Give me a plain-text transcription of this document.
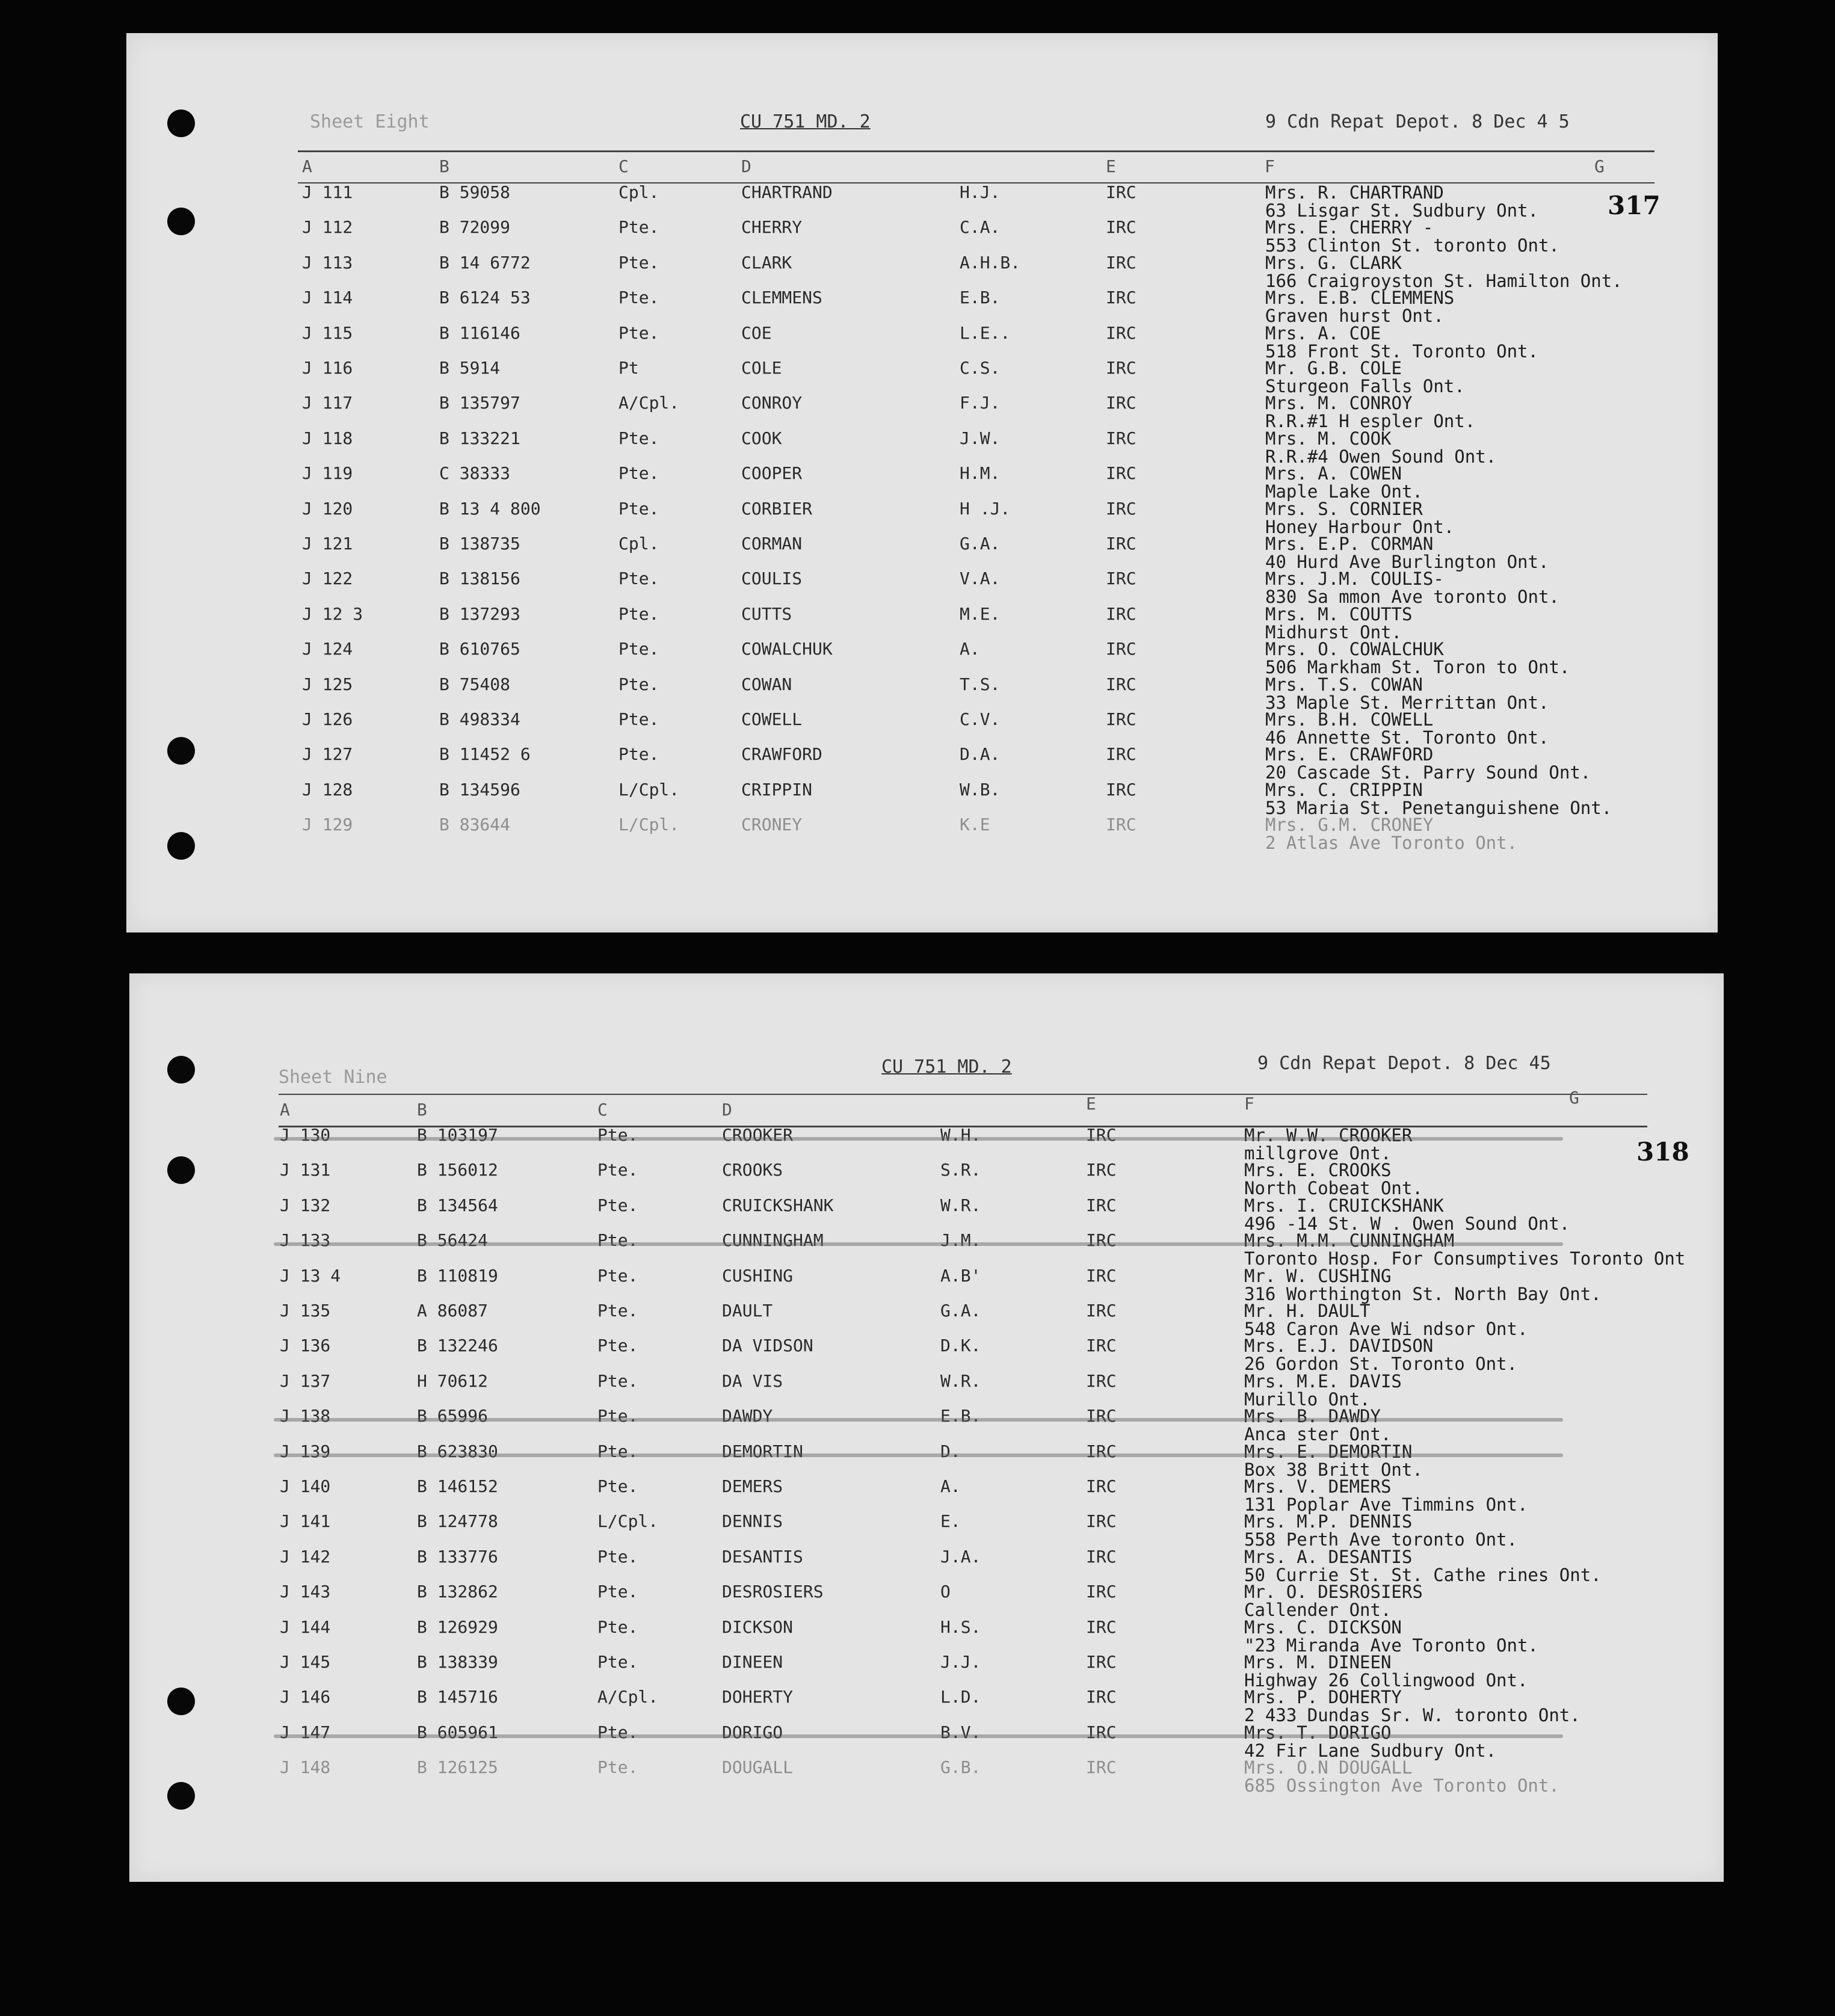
Sheet Eight	CU 751 MD. 2	9 Cdn Repat Depot. 8 Dec 4 5
A	B	C	D	E	F	G
317
J 111	B 59058	Cpl.	CHARTRAND	H.J.	IRC	Mrs. R. CHARTRAND
63 Lisgar St. Sudbury Ont.
J 112	B 72099	Pte.	CHERRY	C.A.	IRC	Mrs. E. CHERRY -
553 Clinton St. toronto Ont.
J 113	B 14 6772	Pte.	CLARK	A.H.B.	IRC	Mrs. G. CLARK
166 Craigroyston St. Hamilton Ont.
J 114	B 6124 53	Pte.	CLEMMENS	E.B.	IRC	Mrs. E.B. CLEMMENS
Graven hurst Ont.
J 115	B 116146	Pte.	COE	L.E..	IRC	Mrs. A. COE
518 Front St. Toronto Ont.
J 116	B 5914	Pt	COLE	C.S.	IRC	Mr. G.B. COLE
Sturgeon Falls Ont.
J 117	B 135797	A/Cpl.	CONROY	F.J.	IRC	Mrs. M. CONROY
R.R.#1 H espler Ont.
J 118	B 133221	Pte.	COOK	J.W.	IRC	Mrs. M. COOK
R.R.#4 Owen Sound Ont.
J 119	C 38333	Pte.	COOPER	H.M.	IRC	Mrs. A. COWEN
Maple Lake Ont.
J 120	B 13 4 800	Pte.	CORBIER	H .J.	IRC	Mrs. S. CORNIER
Honey Harbour Ont.
J 121	B 138735	Cpl.	CORMAN	G.A.	IRC	Mrs. E.P. CORMAN
40 Hurd Ave Burlington Ont.
J 122	B 138156	Pte.	COULIS	V.A.	IRC	Mrs. J.M. COULIS-
830 Sa mmon Ave toronto Ont.
J 12 3	B 137293	Pte.	CUTTS	M.E.	IRC	Mrs. M. COUTTS
Midhurst Ont.
J 124	B 610765	Pte.	COWALCHUK	A.	IRC	Mrs. O. COWALCHUK
506 Markham St. Toron to Ont.
J 125	B 75408	Pte.	COWAN	T.S.	IRC	Mrs. T.S. COWAN
33 Maple St. Merrittan Ont.
J 126	B 498334	Pte.	COWELL	C.V.	IRC	Mrs. B.H. COWELL
46 Annette St. Toronto Ont.
J 127	B 11452 6	Pte.	CRAWFORD	D.A.	IRC	Mrs. E. CRAWFORD
20 Cascade St. Parry Sound Ont.
J 128	B 134596	L/Cpl.	CRIPPIN	W.B.	IRC	Mrs. C. CRIPPIN
53 Maria St. Penetanguishene Ont.
J 129	B 83644	L/Cpl.	CRONEY	K.E	IRC	Mrs. G.M. CRONEY
2 Atlas Ave Toronto Ont.
Sheet Nine	CU 751 MD. 2	9 Cdn Repat Depot. 8 Dec 45
A	B	C	D	E	F	G
318
J 130	B 103197	Pte.	CROOKER	W.H.	IRC	Mr. W.W. CROOKER
millgrove Ont.
J 131	B 156012	Pte.	CROOKS	S.R.	IRC	Mrs. E. CROOKS
North Cobeat Ont.
J 132	B 134564	Pte.	CRUICKSHANK	W.R.	IRC	Mrs. I. CRUICKSHANK
496 -14 St. W . Owen Sound Ont.
J 133	B 56424	Pte.	CUNNINGHAM	J.M.	IRC	Mrs. M.M. CUNNINGHAM
Toronto Hosp. For Consumptives Toronto Ont
J 13 4	B 110819	Pte.	CUSHING	A.B'	IRC	Mr. W. CUSHING
316 Worthington St. North Bay Ont.
J 135	A 86087	Pte.	DAULT	G.A.	IRC	Mr. H. DAULT
548 Caron Ave Wi ndsor Ont.
J 136	B 132246	Pte.	DA VIDSON	D.K.	IRC	Mrs. E.J. DAVIDSON
26 Gordon St. Toronto Ont.
J 137	H 70612	Pte.	DA VIS	W.R.	IRC	Mrs. M.E. DAVIS
Murillo Ont.
J 138	B 65996	Pte.	DAWDY	E.B.	IRC	Mrs. B. DAWDY
Anca ster Ont.
J 139	B 623830	Pte.	DEMORTIN	D.	IRC	Mrs. E. DEMORTIN
Box 38 Britt Ont.
J 140	B 146152	Pte.	DEMERS	A.	IRC	Mrs. V. DEMERS
131 Poplar Ave Timmins Ont.
J 141	B 124778	L/Cpl.	DENNIS	E.	IRC	Mrs. M.P. DENNIS
558 Perth Ave toronto Ont.
J 142	B 133776	Pte.	DESANTIS	J.A.	IRC	Mrs. A. DESANTIS
50 Currie St. St. Cathe rines Ont.
J 143	B 132862	Pte.	DESROSIERS	O	IRC	Mr. O. DESROSIERS
Callender Ont.
J 144	B 126929	Pte.	DICKSON	H.S.	IRC	Mrs. C. DICKSON
"23 Miranda Ave Toronto Ont.
J 145	B 138339	Pte.	DINEEN	J.J.	IRC	Mrs. M. DINEEN
Highway 26 Collingwood Ont.
J 146	B 145716	A/Cpl.	DOHERTY	L.D.	IRC	Mrs. P. DOHERTY
2 433 Dundas Sr. W. toronto Ont.
J 147	B 605961	Pte.	DORIGO	B.V.	IRC	Mrs. T. DORIGO
42 Fir Lane Sudbury Ont.
J 148	B 126125	Pte.	DOUGALL	G.B.	IRC	Mrs. O.N DOUGALL
685 Ossington Ave Toronto Ont.
